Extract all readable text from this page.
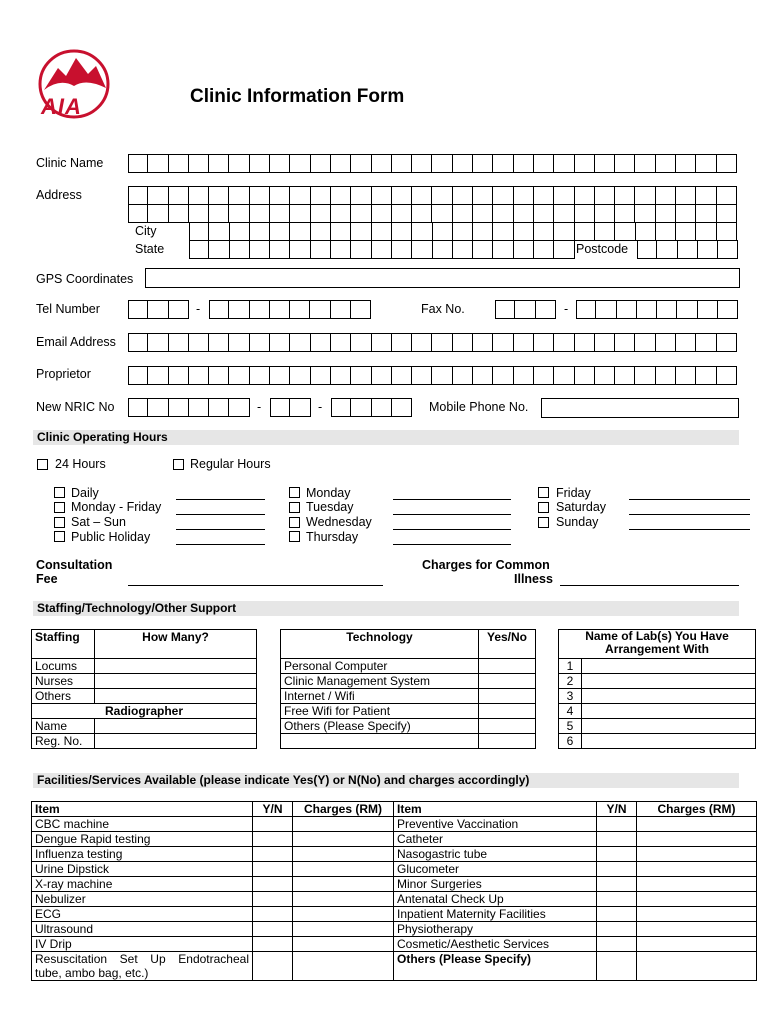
AIA	Clinic Information Form
Clinic Name
Address
City
State	Postcode
GPS Coordinates
Tel Number	-	Fax No.	-
Email Address
Proprietor
New NRIC No	-	-	Mobile Phone No.
Clinic Operating Hours
24 Hours	Regular Hours
Daily
Monday - Friday
Sat – Sun
Public Holiday
Monday
Tuesday
Wednesday
Thursday
Friday
Saturday
Sunday
Consultation
Fee
Charges for Common
Illness
Staffing/Technology/Other Support
Staffing	How Many?
Locums	
Nurses	
Others	
Radiographer	
Name	
Reg. No.	
Technology	Yes/No
Personal Computer	
Clinic Management System	
Internet / Wifi	
Free Wifi for Patient	
Others (Please Specify)	

Name of Lab(s) You Have Arrangement With	
1	
2	
3	
4	
5	
6	
Facilities/Services Available (please indicate Yes(Y) or N(No) and charges accordingly)
Item	Y/N	Charges (RM)	Item	Y/N	Charges (RM)
CBC machine			Preventive Vaccination		
Dengue Rapid testing			Catheter		
Influenza testing			Nasogastric tube		
Urine Dipstick			Glucometer		
X-ray machine			Minor Surgeries		
Nebulizer			Antenatal Check Up		
ECG			Inpatient Maternity Facilities		
Ultrasound			Physiotherapy		
IV Drip			Cosmetic/Aesthetic Services		
Resuscitation Set Up Endotracheal tube, ambo bag, etc.)			Others (Please Specify)		
